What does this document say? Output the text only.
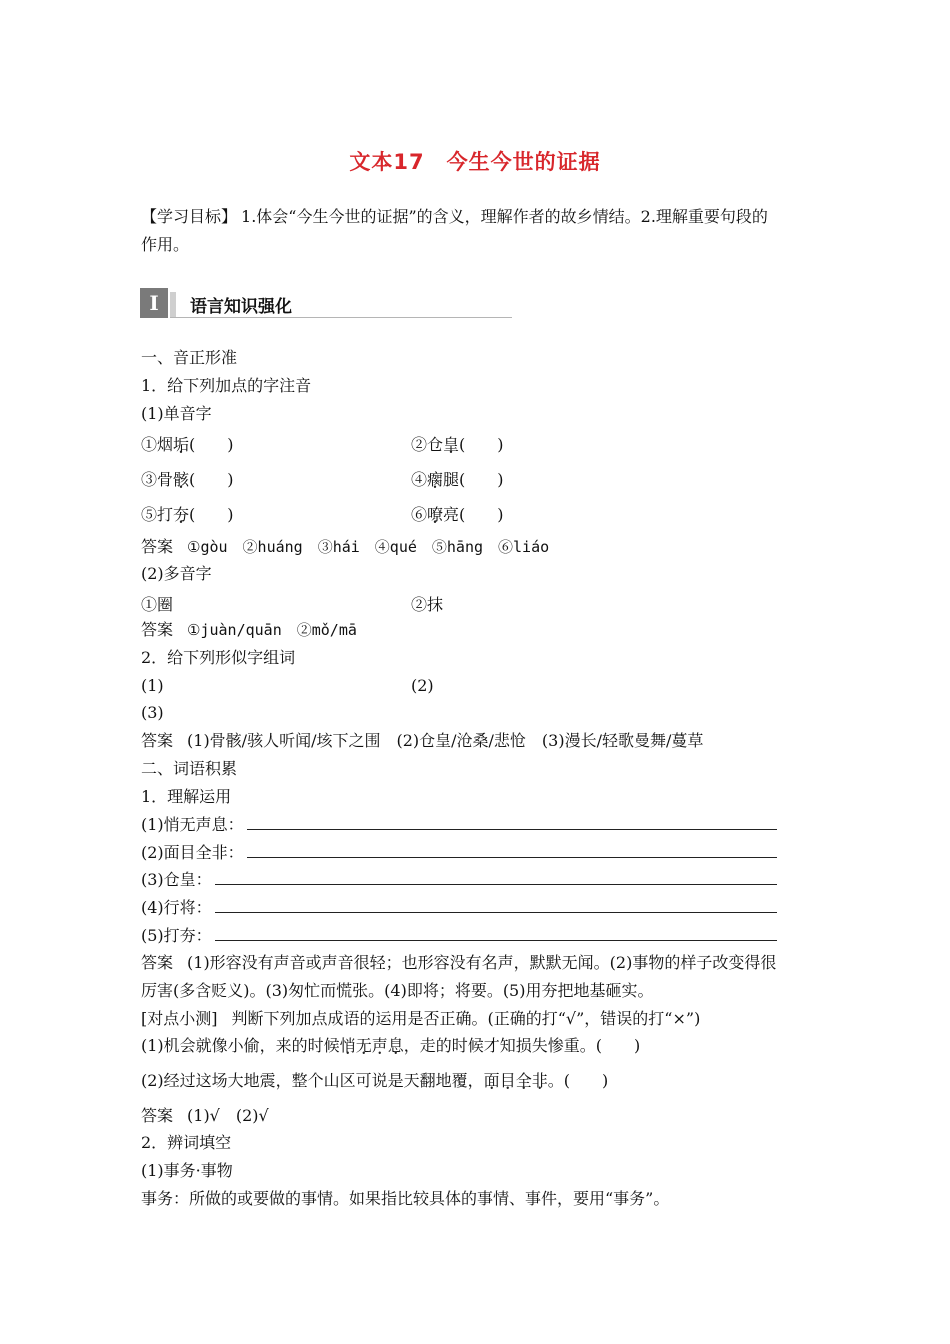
文本17　今生今世的证据
【学习目标】 1.体会“今生今世的证据”的含义，理解作者的故乡情结。2.理解重要句段的
作用。
I	语言知识强化
一、音正形准
1．给下列加点的字注音
(1)单音字
①烟垢(　　)	②仓皇(　　)
③骨骸(　　)	④瘸腿(　　)
⑤打夯(　　)	⑥嘹亮(　　)
答案 ①gòu　②huáng　③hái　④qué　⑤hāng　⑥liáo
(2)多音字
①圈	②抹
答案 ①juàn/quān　②mǒ/mā
2．给下列形似字组词
(1)	(2)
(3)
答案 (1)骨骸/骇人听闻/垓下之围　(2)仓皇/沧桑/悲怆　(3)漫长/轻歌曼舞/蔓草
二、词语积累
1．理解运用
(1)悄无声息：
(2)面目全非：
(3)仓皇：
(4)行将：
(5)打夯：
答案 (1)形容没有声音或声音很轻；也形容没有名声，默默无闻。(2)事物的样子改变得很
厉害(多含贬义)。(3)匆忙而慌张。(4)即将；将要。(5)用夯把地基砸实。
[对点小测] 判断下列加点成语的运用是否正确。(正确的打“√”，错误的打“×”)
(1)机会就像小偷，来的时候悄无声息，走的时候才知损失惨重。(　　)
(2)经过这场大地震，整个山区可说是天翻地覆，面目全非。(　　)
答案 (1)√　(2)√
2．辨词填空
(1)事务·事物
事务：所做的或要做的事情。如果指比较具体的事情、事件，要用“事务”。
